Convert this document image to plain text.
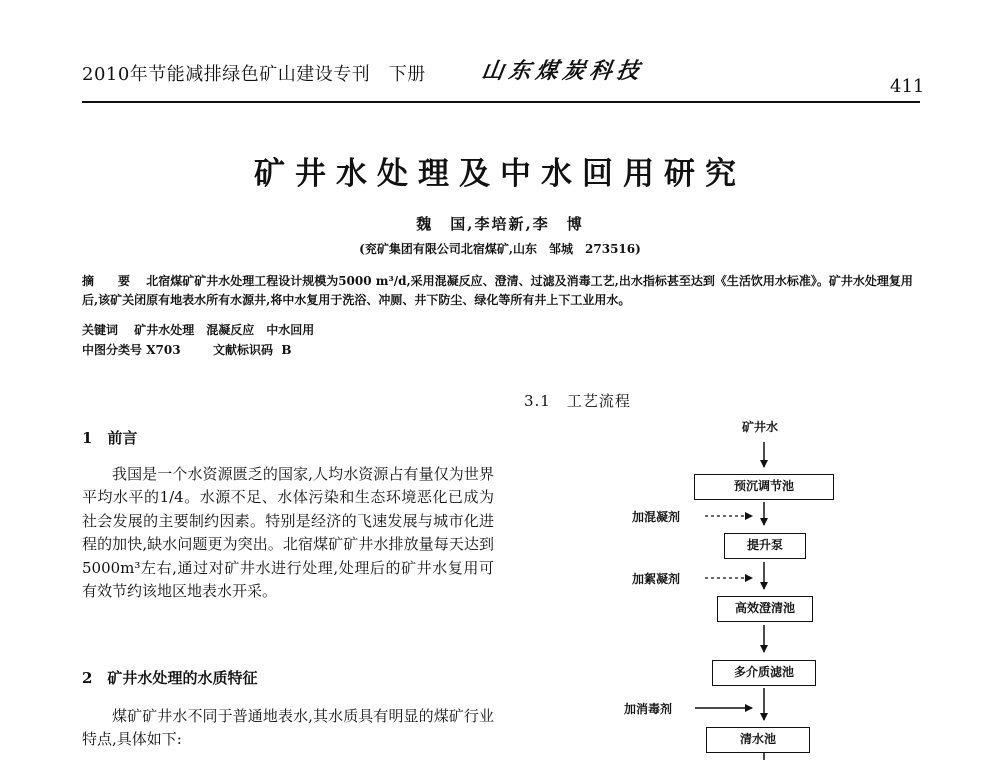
2010年节能减排绿色矿山建设专刊　下册 山东煤炭科技
411
矿井水处理及中水回用研究
魏　国,李培新,李　博
(兖矿集团有限公司北宿煤矿,山东　邹城　273516)
摘　要 北宿煤矿矿井水处理工程设计规模为5000 m³/d,采用混凝反应、澄清、过滤及消毒工艺,出水指标甚至达到《生活饮用水标准》。矿井水处理复用后,该矿关闭原有地表水所有水源井,将中水复用于洗浴、冲厕、井下防尘、绿化等所有井上下工业用水。
关键词　 矿井水处理　混凝反应　中水回用
中图分类号 X703	文献标识码 B
1　前言

我国是一个水资源匮乏的国家,人均水资源占有量仅为世界平均水平的1/4。水源不足、水体污染和生态环境恶化已成为社会发展的主要制约因素。特别是经济的飞速发展与城市化进程的加快,缺水问题更为突出。北宿煤矿矿井水排放量每天达到5000m³左右,通过对矿井水进行处理,处理后的矿井水复用可有效节约该地区地表水开采。

2　矿井水处理的水质特征

煤矿矿井水不同于普通地表水,其水质具有明显的煤矿行业特点,具体如下:

3.1　工艺流程
矿井水
预沉调节池
提升泵
高效澄清池
多介质滤池
清水池
加混凝剂
加絮凝剂
加消毒剂
